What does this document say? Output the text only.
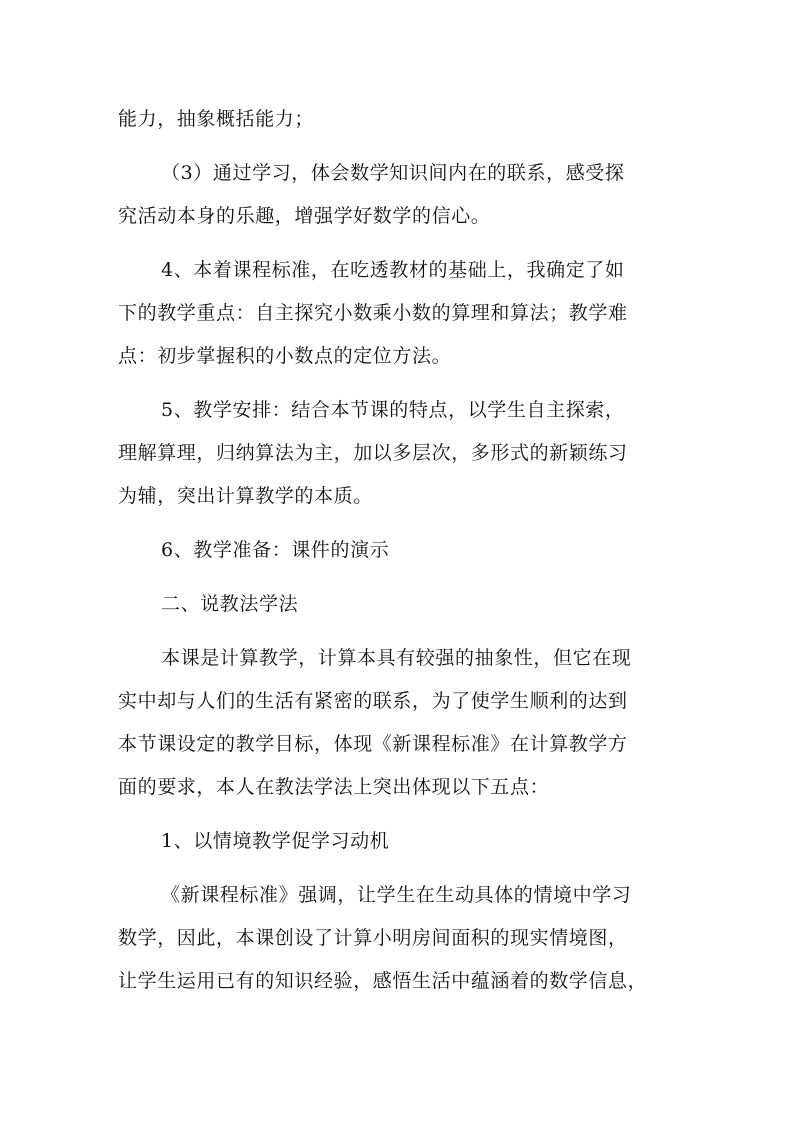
能力，抽象概括能力；
（3）通过学习，体会数学知识间内在的联系，感受探
究活动本身的乐趣，增强学好数学的信心。
4、本着课程标准，在吃透教材的基础上，我确定了如
下的教学重点：自主探究小数乘小数的算理和算法；教学难
点：初步掌握积的小数点的定位方法。
5、教学安排：结合本节课的特点，以学生自主探索，
理解算理，归纳算法为主，加以多层次，多形式的新颖练习
为辅，突出计算教学的本质。
6、教学准备：课件的演示
二、说教法学法
本课是计算教学，计算本具有较强的抽象性，但它在现
实中却与人们的生活有紧密的联系，为了使学生顺利的达到
本节课设定的教学目标，体现《新课程标准》在计算教学方
面的要求，本人在教法学法上突出体现以下五点：
1、以情境教学促学习动机
《新课程标准》强调，让学生在生动具体的情境中学习
数学，因此，本课创设了计算小明房间面积的现实情境图，
让学生运用已有的知识经验，感悟生活中蕴涵着的数学信息，
